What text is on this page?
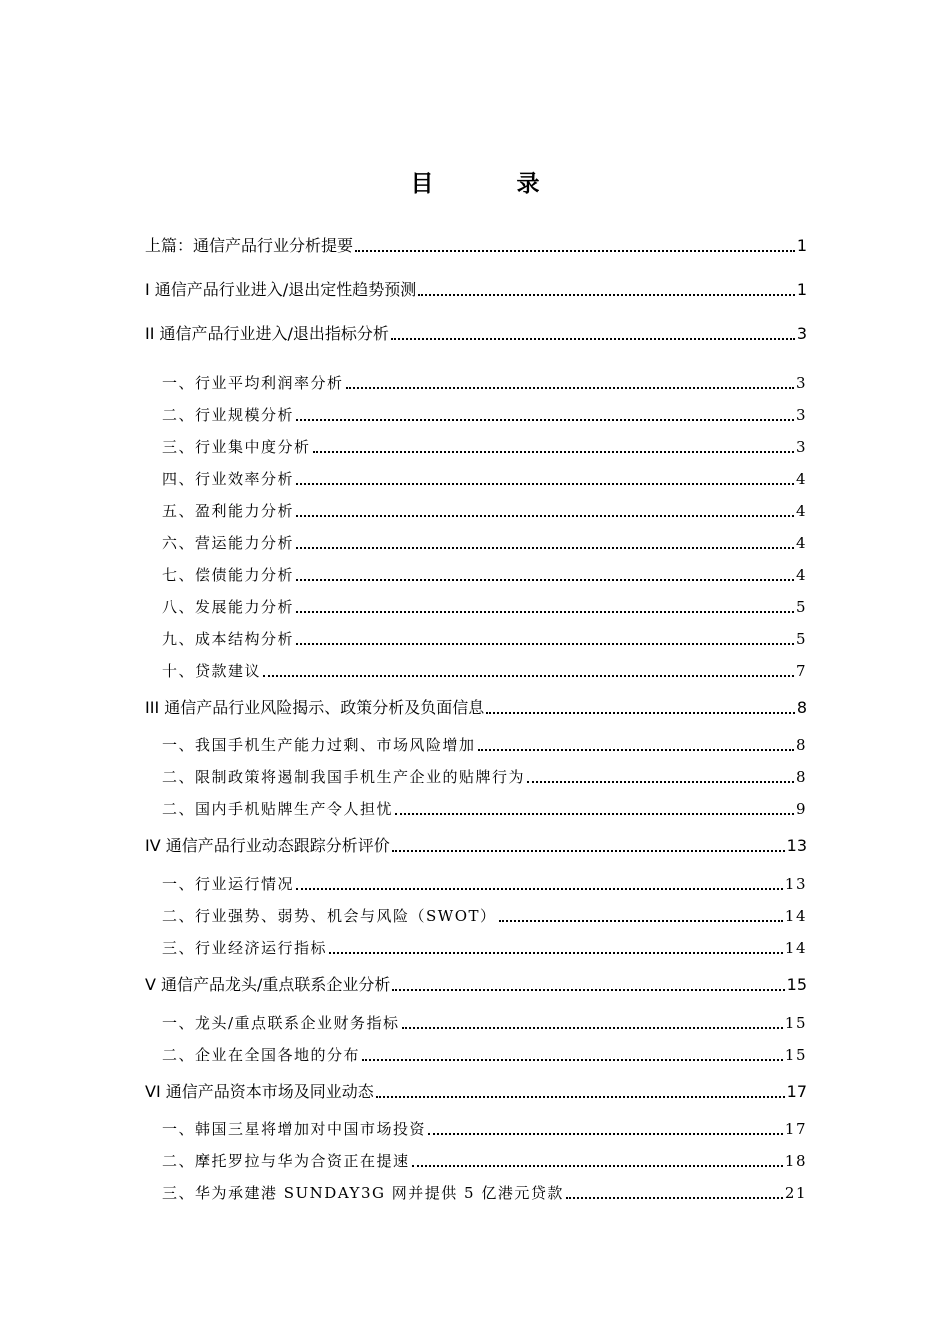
目　录
上篇：通信产品行业分析提要	1
I 通信产品行业进入/退出定性趋势预测	1
II 通信产品行业进入/退出指标分析	3
一、行业平均利润率分析	3
二、行业规模分析	3
三、行业集中度分析	3
四、行业效率分析	4
五、盈利能力分析	4
六、营运能力分析	4
七、偿债能力分析	4
八、发展能力分析	5
九、成本结构分析	5
十、贷款建议	7
III 通信产品行业风险揭示、政策分析及负面信息	8
一、我国手机生产能力过剩、市场风险增加	8
二、限制政策将遏制我国手机生产企业的贴牌行为	8
二、国内手机贴牌生产令人担忧	9
IV 通信产品行业动态跟踪分析评价	13
一、行业运行情况	13
二、行业强势、弱势、机会与风险（SWOT）	14
三、行业经济运行指标	14
V 通信产品龙头/重点联系企业分析	15
一、龙头/重点联系企业财务指标	15
二、企业在全国各地的分布	15
VI 通信产品资本市场及同业动态	17
一、韩国三星将增加对中国市场投资	17
二、摩托罗拉与华为合资正在提速	18
三、华为承建港 SUNDAY3G 网并提供 5 亿港元贷款	21
